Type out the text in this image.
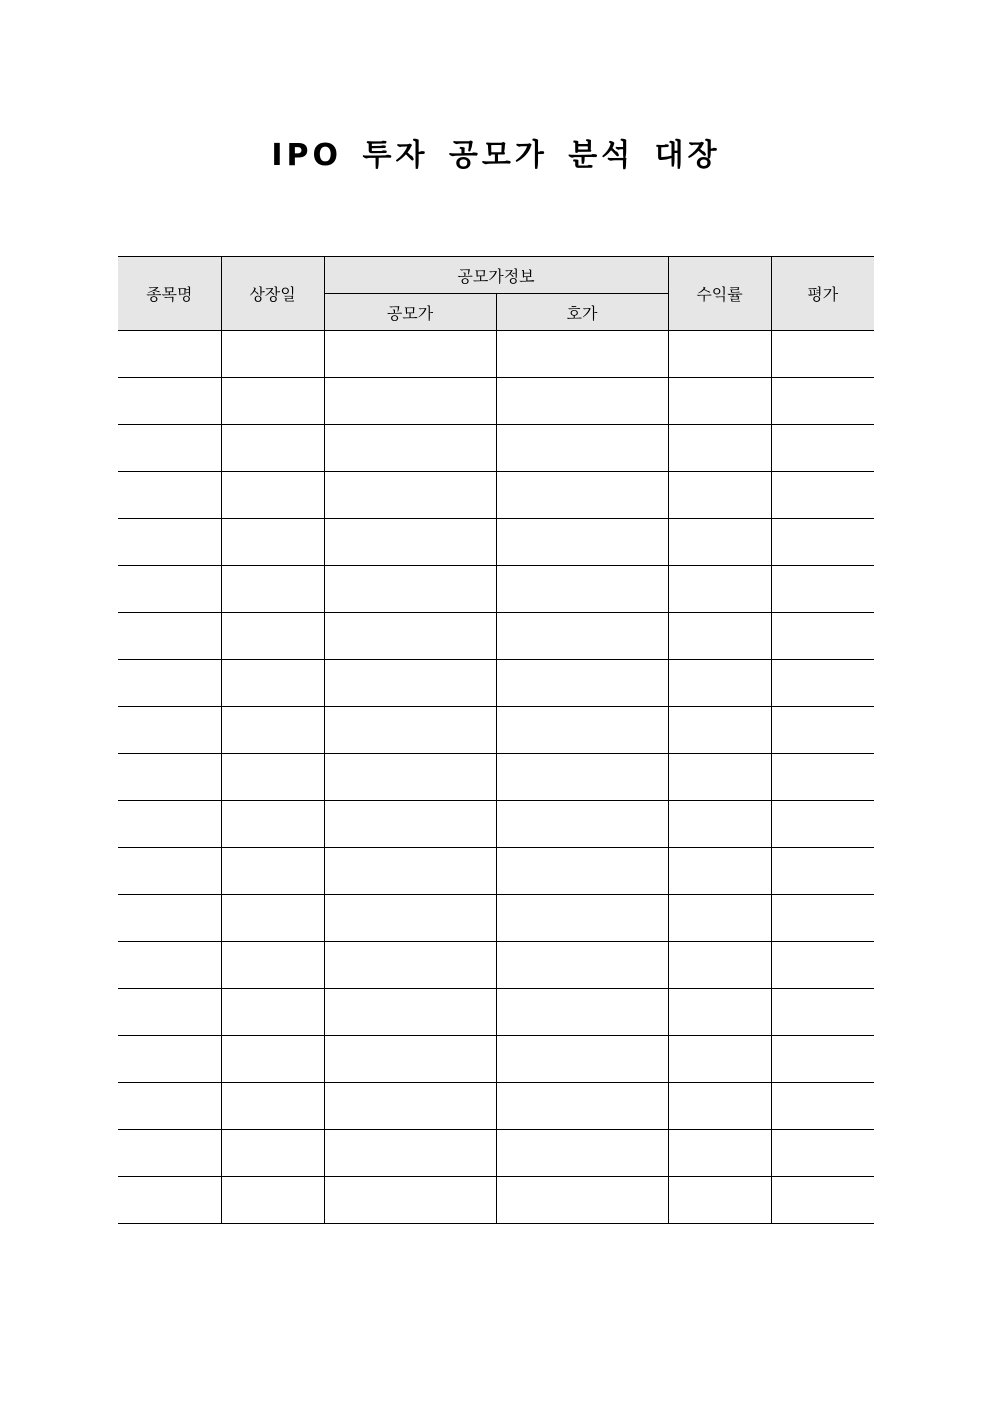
IPO 투자 공모가 분석 대장
종목명	상장일	공모가정보		수익률	평가
		공모가	호가		
